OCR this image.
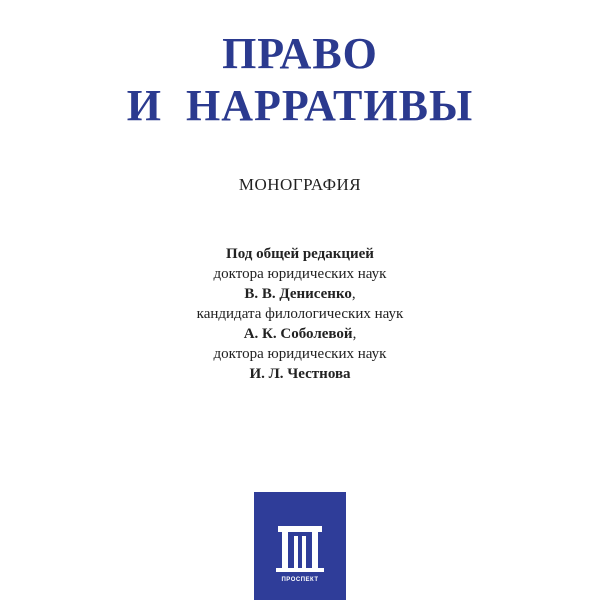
ПРАВО
И  НАРРАТИВЫ
МОНОГРАФИЯ
Под общей редакцией
доктора юридических наук
В. В. Денисенко,
кандидата филологических наук
А. К. Соболевой,
доктора юридических наук
И. Л. Честнова
ПРОСПЕКТ
